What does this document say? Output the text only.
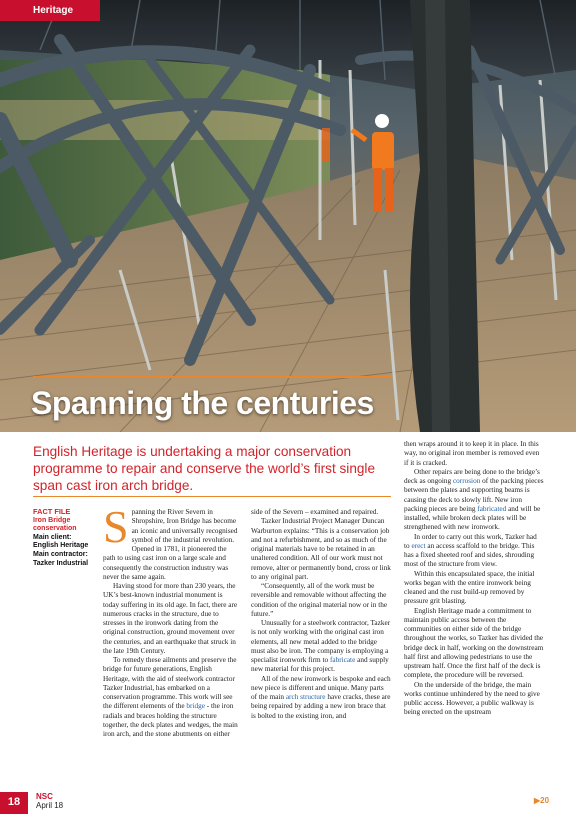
Heritage
Spanning the centuries

English Heritage is undertaking a major conservation programme to repair and conserve the world’s first single span cast iron arch bridge.

FACT FILE
Iron Bridge conservation
Main client:
English Heritage
Main contractor:
Tazker Industrial

Spanning the River Severn in Shropshire, Iron Bridge has become an iconic and universally recognised symbol of the industrial revolution. Opened in 1781, it pioneered the path to using cast iron on a large scale and consequently the construction industry was never the same again.

Having stood for more than 230 years, the UK’s best-known industrial monument is today suffering in its old age. In fact, there are numerous cracks in the structure, due to stresses in the ironwork dating from the original construction, ground movement over the centuries, and an earthquake that struck in the late 19th Century.

To remedy these ailments and preserve the bridge for future generations, English Heritage, with the aid of steelwork contractor Tazker Industrial, has embarked on a conservation programme. This work will see the different elements of the bridge - the iron radials and braces holding the structure together, the deck plates and wedges, the main iron arch, and the stone abutments on either

side of the Severn – examined and repaired.

Tazker Industrial Project Manager Duncan Warburton explains: “This is a conservation job and not a refurbishment, and so as much of the original materials have to be retained in an unaltered condition. All of our work must not remove, alter or permanently bond, cross or link to any original part.

“Consequently, all of the work must be reversible and removable without affecting the condition of the original material now or in the future.”

Unusually for a steelwork contractor, Tazker is not only working with the original cast iron elements, all new metal added to the bridge must also be iron. The company is employing a specialist ironwork firm to fabricate and supply new material for this project.

All of the new ironwork is bespoke and each new piece is different and unique. Many parts of the main arch structure have cracks, these are being repaired by adding a new iron brace that is bolted to the existing iron, and

then wraps around it to keep it in place. In this way, no original iron member is removed even if it is cracked.

Other repairs are being done to the bridge’s deck as ongoing corrosion of the packing pieces between the plates and supporting beams is causing the deck to slowly lift. New iron packing pieces are being fabricated and will be installed, while broken deck plates will be strengthened with new ironwork.

In order to carry out this work, Tazker had to erect an access scaffold to the bridge. This has a fixed sheeted roof and sides, shrouding most of the structure from view.

Within this encapsulated space, the initial works began with the entire ironwork being cleaned and the rust build-up removed by pressure grit blasting.

English Heritage made a commitment to maintain public access between the communities on either side of the bridge throughout the works, so Tazker has divided the bridge deck in half, working on the downstream half first and allowing pedestrians to use the upstream half. Once the first half of the deck is complete, the procedure will be reversed.

On the underside of the bridge, the main works continue unhindered by the need to give public access. However, a public walkway is being erected on the upstream

▶20
18	NSC
April 18
